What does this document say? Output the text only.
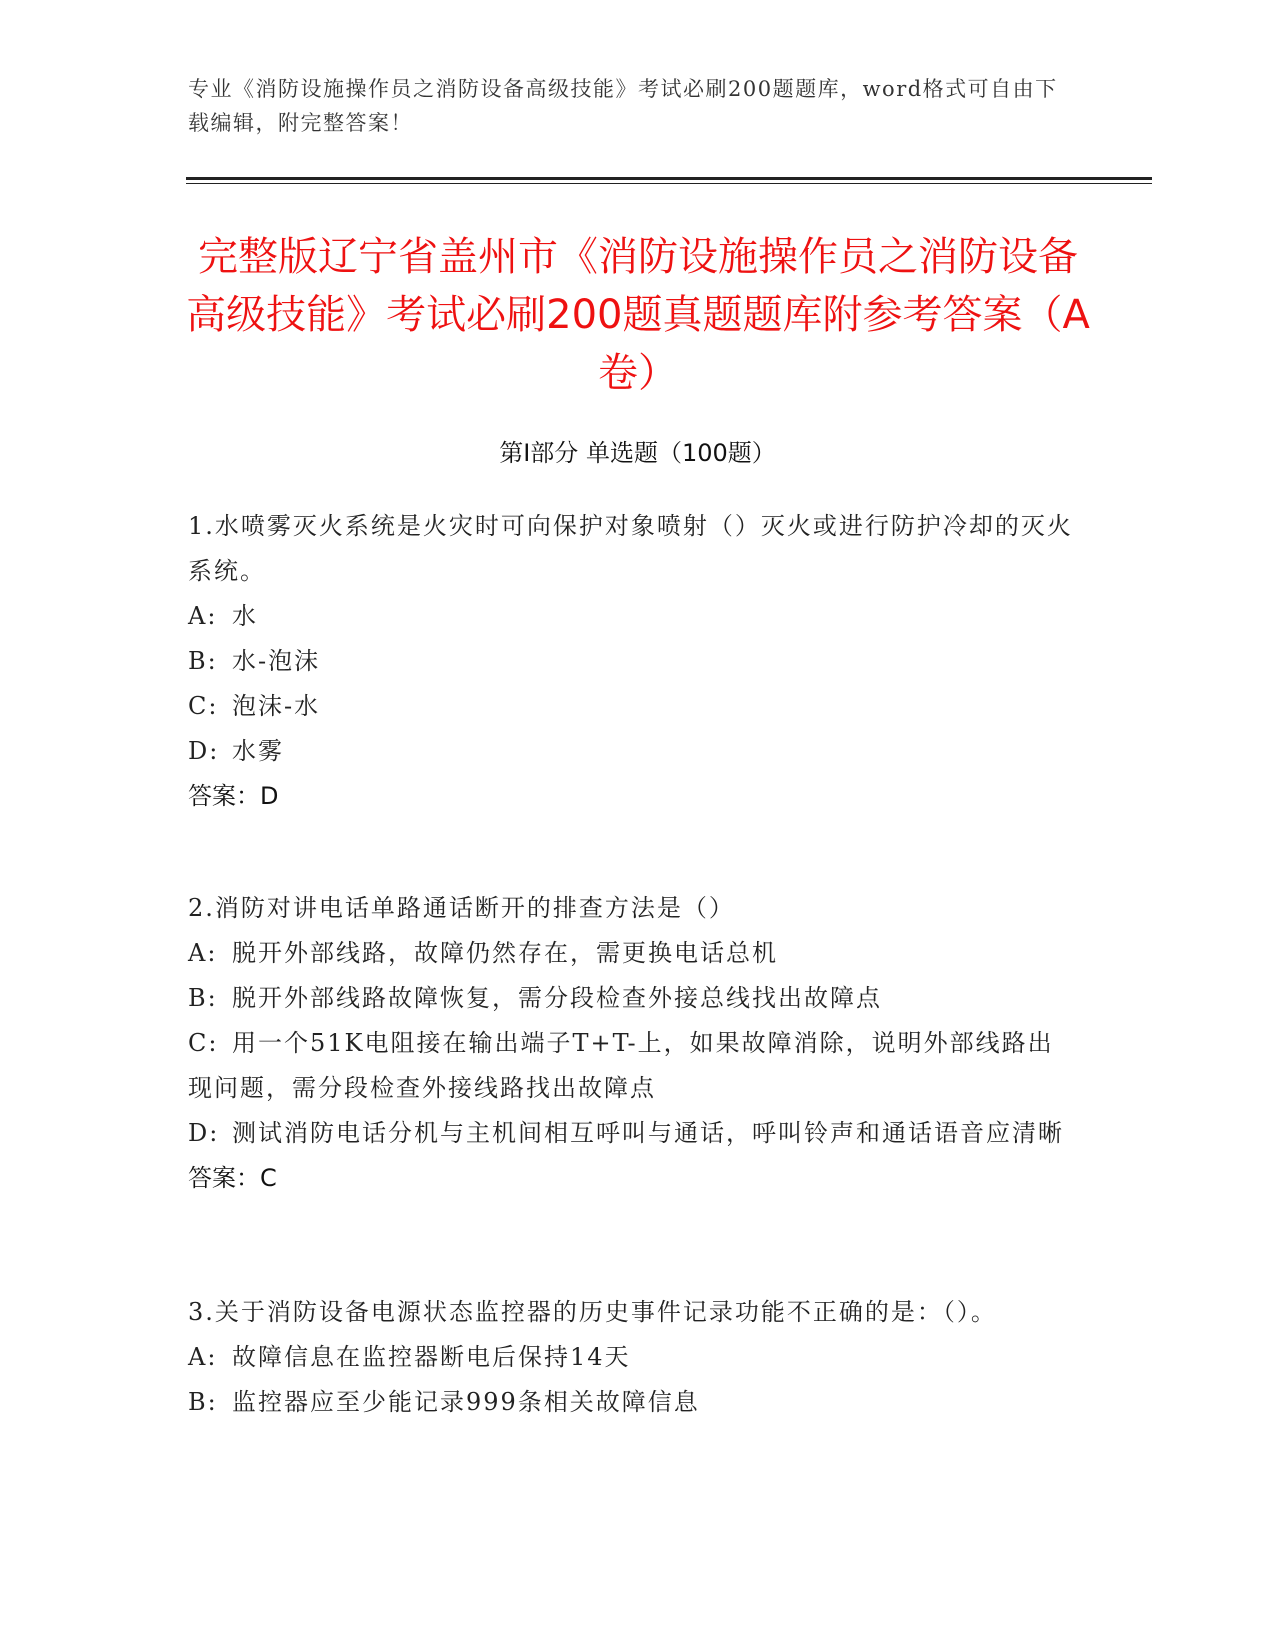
专业《消防设施操作员之消防设备高级技能》考试必刷200题题库，word格式可自由下载编辑，附完整答案！
完整版辽宁省盖州市《消防设施操作员之消防设备高级技能》考试必刷200题真题题库附参考答案（A卷）
第Ⅰ部分 单选题（100题）

1.水喷雾灭火系统是火灾时可向保护对象喷射（）灭火或进行防护冷却的灭火系统。

A: 水

B: 水-泡沫

C: 泡沫-水

D: 水雾

答案：D

2.消防对讲电话单路通话断开的排查方法是（）

A: 脱开外部线路，故障仍然存在，需更换电话总机

B: 脱开外部线路故障恢复，需分段检查外接总线找出故障点

C: 用一个51K电阻接在输出端子T+T-上，如果故障消除，说明外部线路出现问题，需分段检查外接线路找出故障点

D: 测试消防电话分机与主机间相互呼叫与通话，呼叫铃声和通话语音应清晰

答案：C

3.关于消防设备电源状态监控器的历史事件记录功能不正确的是：（）。

A: 故障信息在监控器断电后保持14天

B: 监控器应至少能记录999条相关故障信息
